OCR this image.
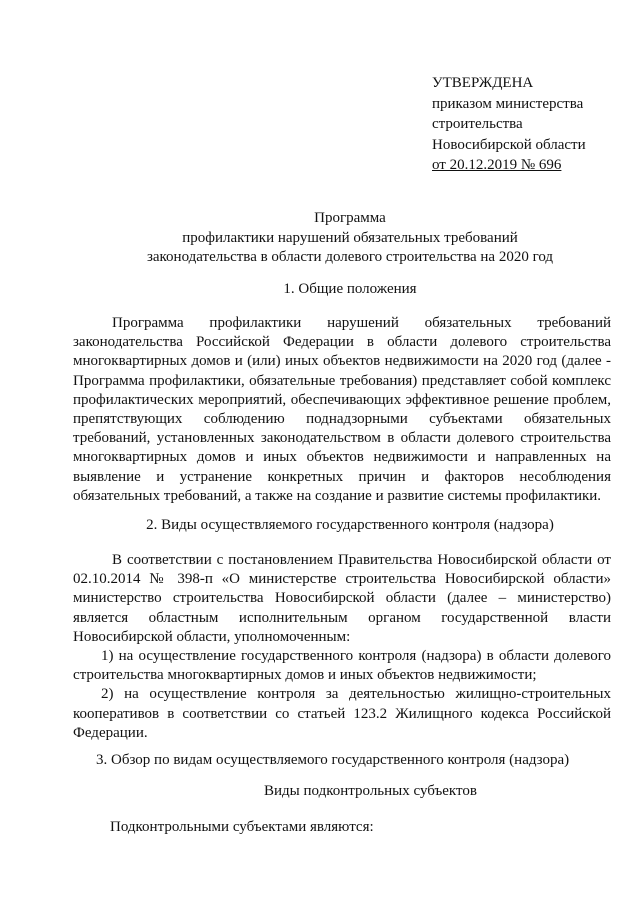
УТВЕРЖДЕНА
приказом министерства
строительства
Новосибирской области
от 20.12.2019 № 696
Программа
профилактики нарушений обязательных требований
законодательства в области долевого строительства на 2020 год
1. Общие положения

Программа профилактики нарушений обязательных требований законодательства Российской Федерации в области долевого строительства многоквартирных домов и (или) иных объектов недвижимости на 2020 год (далее - Программа профилактики, обязательные требования) представляет собой комплекс профилактических мероприятий, обеспечивающих эффективное решение проблем, препятствующих соблюдению поднадзорными субъектами обязательных требований, установленных законодательством в области долевого строительства многоквартирных домов и иных объектов недвижимости и направленных на выявление и устранение конкретных причин и факторов несоблюдения обязательных требований, а также на создание и развитие системы профилактики.

2. Виды осуществляемого государственного контроля (надзора)

В соответствии с постановлением Правительства Новосибирской области от 02.10.2014 № 398-п «О министерстве строительства Новосибирской области» министерство строительства Новосибирской области (далее – министерство) является областным исполнительным органом государственной власти Новосибирской области, уполномоченным:

1) на осуществление государственного контроля (надзора) в области долевого строительства многоквартирных домов и иных объектов недвижимости;

2) на осуществление контроля за деятельностью жилищно-строительных кооперативов в соответствии со статьей 123.2 Жилищного кодекса Российской Федерации.

3. Обзор по видам осуществляемого государственного контроля (надзора)
Виды подконтрольных субъектов
Подконтрольными субъектами являются:
